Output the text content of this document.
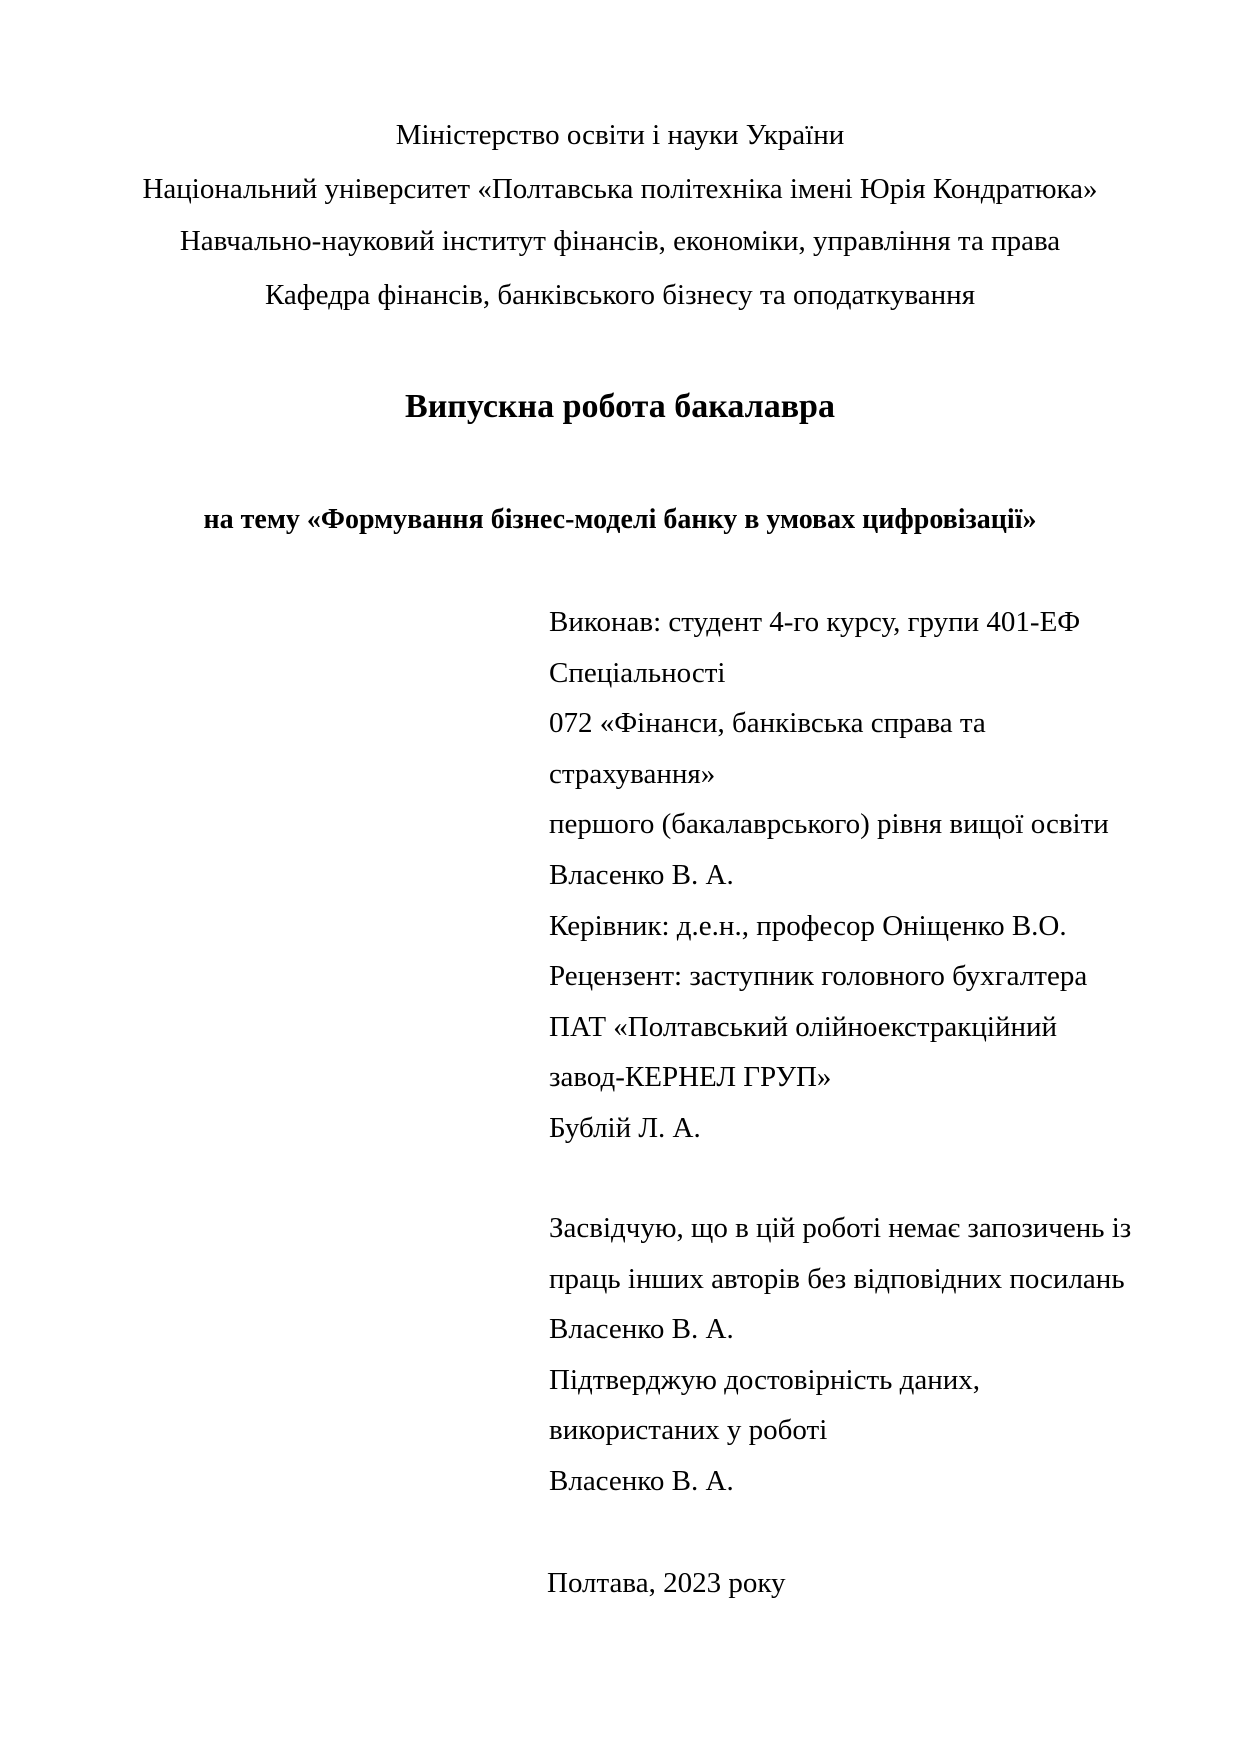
Міністерство освіти і науки України
Національний університет «Полтавська політехніка імені Юрія Кондратюка»
Навчально-науковий інститут фінансів, економіки, управління та права
Кафедра фінансів, банківського бізнесу та оподаткування
Випускна робота бакалавра
на тему «Формування бізнес-моделі банку в умовах цифровізації»
Виконав: студент 4-го курсу, групи 401-ЕФ
Спеціальності
072 «Фінанси, банківська справа та
страхування»
першого (бакалаврського) рівня вищої освіти
Власенко В. А.
Керівник: д.е.н., професор Оніщенко В.О.
Рецензент: заступник головного бухгалтера
ПАТ «Полтавський олійноекстракційний
завод-КЕРНЕЛ ГРУП»
Бублій Л. А.
Засвідчую, що в цій роботі немає запозичень із
праць інших авторів без відповідних посилань
Власенко В. А.
Підтверджую достовірність даних,
використаних у роботі
Власенко В. А.
Полтава, 2023 року
